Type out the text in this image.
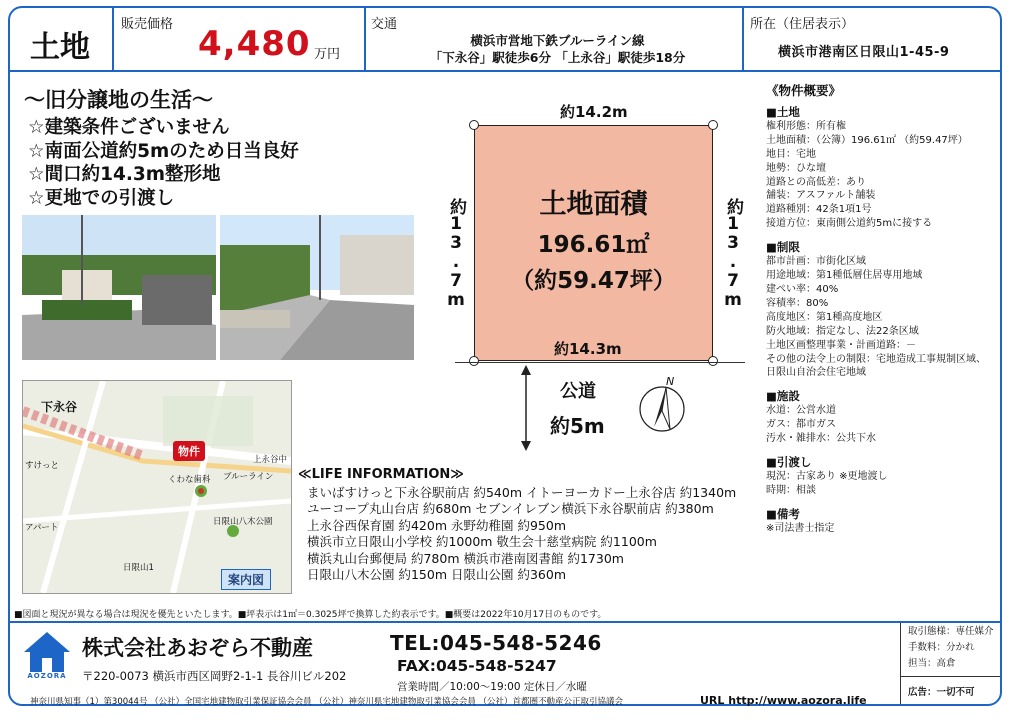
土地
販売価格 4,480 万円
交通
横浜市営地下鉄ブルーライン線
「下永谷」駅徒歩6分 「上永谷」駅徒歩18分
所在（住居表示）
横浜市港南区日限山1-45-9
～旧分譲地の生活～
☆建築条件ございません
☆南面公道約5mのため日当良好
☆間口約14.3m整形地
☆更地での引渡し
下永谷
物件
すけっと
くわな歯科 ブルーライン
上永谷中
日限山八木公園
アパート
日限山1
案内図
約14.2m
約14.3m
約13.7m	約13.7m
土地面積
196.61㎡
（約59.47坪）
公道
約5m
N
《物件概要》
■土地
権利形態：所有権
土地面積：（公簿）196.61㎡ （約59.47坪）
地目：宅地
地勢：ひな壇
道路との高低差：あり
舗装：アスファルト舗装
道路種別：42条1項1号
接道方位：東南側公道約5mに接する
■制限
都市計画：市街化区域
用途地域：第1種低層住居専用地域
建ぺい率：40%
容積率：80%
高度地区：第1種高度地区
防火地域：指定なし、法22条区域
土地区画整理事業・計画道路：－
その他の法令上の制限：宅地造成工事規制区域、
日限山自治会住宅地域
■施設
水道：公営水道
ガス：都市ガス
汚水・雑排水：公共下水
■引渡し
現況：古家あり ※更地渡し
時期：相談
■備考
※司法書士指定
≪LIFE INFORMATION≫
まいばすけっと下永谷駅前店 約540m イトーヨーカドー上永谷店 約1340m
ユーコープ丸山台店 約680m セブンイレブン横浜下永谷駅前店 約380m
上永谷西保育園 約420m 永野幼稚園 約950m
横浜市立日限山小学校 約1000m 敬生会十慈堂病院 約1100m
横浜丸山台郵便局 約780m 横浜市港南図書館 約1730m
日限山八木公園 約150m 日限山公園 約360m
■図面と現況が異なる場合は現況を優先といたします。■坪表示は1㎡＝0.3025坪で換算した約表示です。■概要は2022年10月17日のものです。
AOZORA
株式会社あおぞら不動産
〒220-0073 横浜市西区岡野2-1-1 長谷川ビル202
TEL:045-548-5246
FAX:045-548-5247
営業時間／10:00～19:00 定休日／水曜
URL http://www.aozora.life
神奈川県知事（1）第30044号 （公社）全国宅地建物取引業保証協会会員 （公社）神奈川県宅地建物取引業協会会員 （公社）首都圏不動産公正取引協議会
取引態様：専任媒介
手数料：分かれ
担当：高倉
広告：一切不可
